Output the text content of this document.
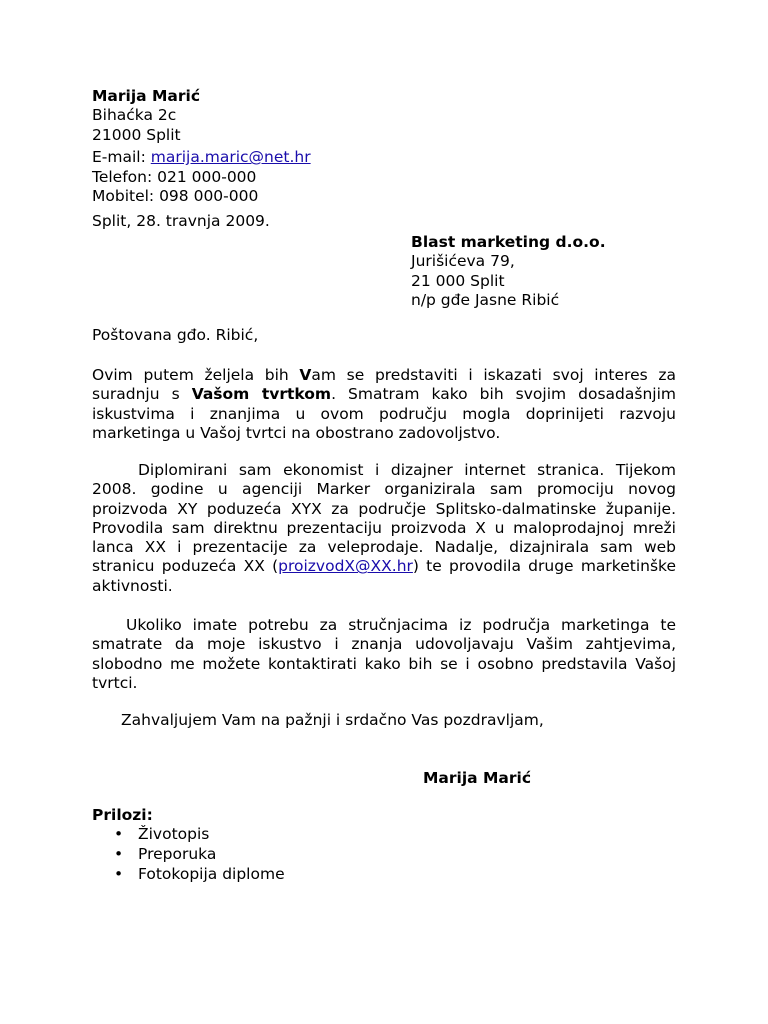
Marija Marić
Bihaćka 2c
21000 Split
E-mail: marija.maric@net.hr
Telefon: 021 000-000
Mobitel: 098 000-000
Split, 28. travnja 2009.
Blast marketing d.o.o.
Jurišićeva 79,
21 000 Split
n/p gđe Jasne Ribić
Poštovana gđo. Ribić,

Ovim putem željela bih Vam se predstaviti i iskazati svoj interes za suradnju s Vašom tvrtkom. Smatram kako bih svojim dosadašnjim iskustvima i znanjima u ovom području mogla doprinijeti razvoju marketinga u Vašoj tvrtci na obostrano zadovoljstvo.

Diplomirani sam ekonomist i dizajner internet stranica. Tijekom 2008. godine u agenciji Marker organizirala sam promociju novog proizvoda XY poduzeća XYX za područje Splitsko-dalmatinske županije. Provodila sam direktnu prezentaciju proizvoda X u maloprodajnoj mreži lanca XX i prezentacije za veleprodaje. Nadalje, dizajnirala sam web stranicu poduzeća XX (proizvodX@XX.hr) te provodila druge marketinške aktivnosti.

Ukoliko imate potrebu za stručnjacima iz područja marketinga te smatrate da moje iskustvo i znanja udovoljavaju Vašim zahtjevima, slobodno me možete kontaktirati kako bih se i osobno predstavila Vašoj tvrtci.

Zahvaljujem Vam na pažnji i srdačno Vas pozdravljam,
Marija Marić
Prilozi:
• Životopis
• Preporuka
• Fotokopija diplome
